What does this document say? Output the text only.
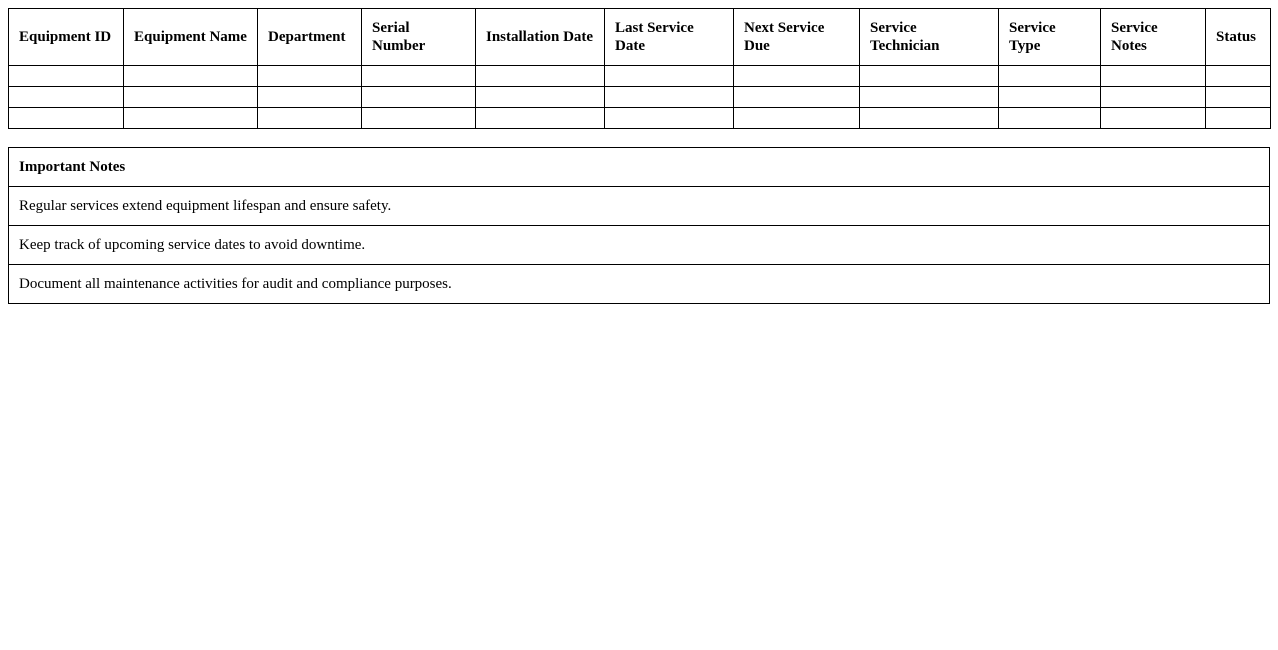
Equipment ID	Equipment Name	Department	Serial Number	Installation Date	Last Service Date	Next Service Due	Service Technician	Service Type	Service Notes	Status

Important Notes
Regular services extend equipment lifespan and ensure safety.
Keep track of upcoming service dates to avoid downtime.
Document all maintenance activities for audit and compliance purposes.
